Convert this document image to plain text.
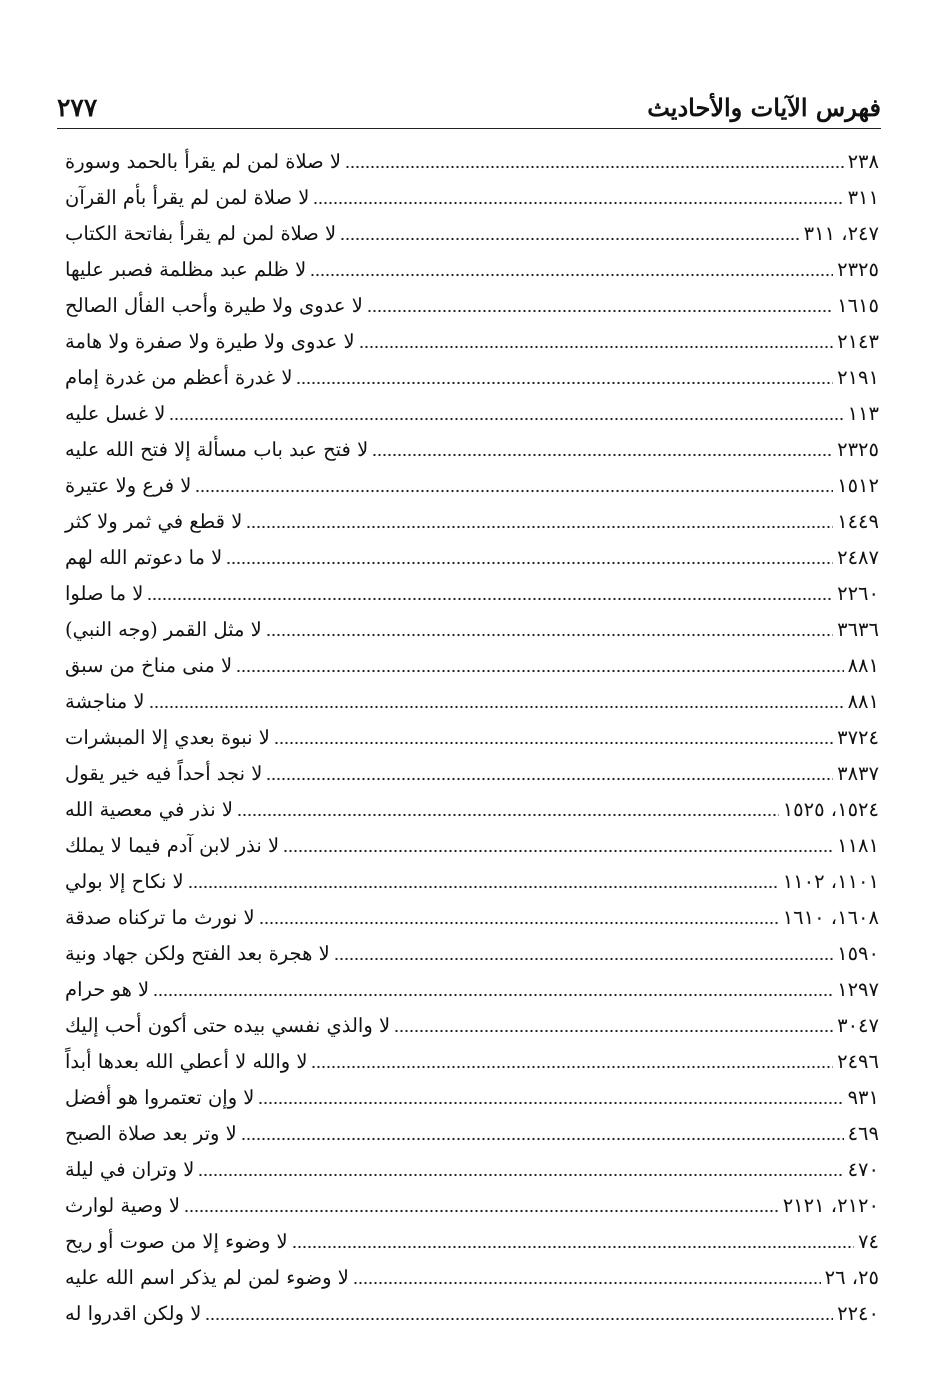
٢٧٧	فهرس الآيات والأحاديث
لا صلاة لمن لم يقرأ بالحمد وسورة	٢٣٨
لا صلاة لمن لم يقرأ بأم القرآن	٣١١
لا صلاة لمن لم يقرأ بفاتحة الكتاب	٢٤٧، ٣١١
لا ظلم عبد مظلمة فصبر عليها	٢٣٢٥
لا عدوى ولا طيرة وأحب الفأل الصالح	١٦١٥
لا عدوى ولا طيرة ولا صفرة ولا هامة	٢١٤٣
لا غدرة أعظم من غدرة إمام	٢١٩١
لا غسل عليه	١١٣
لا فتح عبد باب مسألة إلا فتح الله عليه	٢٣٢٥
لا فرع ولا عتيرة	١٥١٢
لا قطع في ثمر ولا كثر	١٤٤٩
لا ما دعوتم الله لهم	٢٤٨٧
لا ما صلوا	٢٢٦٠
لا مثل القمر (وجه النبي)	٣٦٣٦
لا منى مناخ من سبق	٨٨١
لا مناجشة	٨٨١
لا نبوة بعدي إلا المبشرات	٣٧٢٤
لا نجد أحداً فيه خير يقول	٣٨٣٧
لا نذر في معصية الله	١٥٢٤، ١٥٢٥
لا نذر لابن آدم فيما لا يملك	١١٨١
لا نكاح إلا بولي	١١٠١، ١١٠٢
لا نورث ما تركناه صدقة	١٦٠٨، ١٦١٠
لا هجرة بعد الفتح ولكن جهاد ونية	١٥٩٠
لا هو حرام	١٢٩٧
لا والذي نفسي بيده حتى أكون أحب إليك	٣٠٤٧
لا والله لا أعطي الله بعدها أبداً	٢٤٩٦
لا وإن تعتمروا هو أفضل	٩٣١
لا وتر بعد صلاة الصبح	٤٦٩
لا وتران في ليلة	٤٧٠
لا وصية لوارث	٢١٢٠، ٢١٢١
لا وضوء إلا من صوت أو ريح	٧٤
لا وضوء لمن لم يذكر اسم الله عليه	٢٥، ٢٦
لا ولكن اقدروا له	٢٢٤٠
